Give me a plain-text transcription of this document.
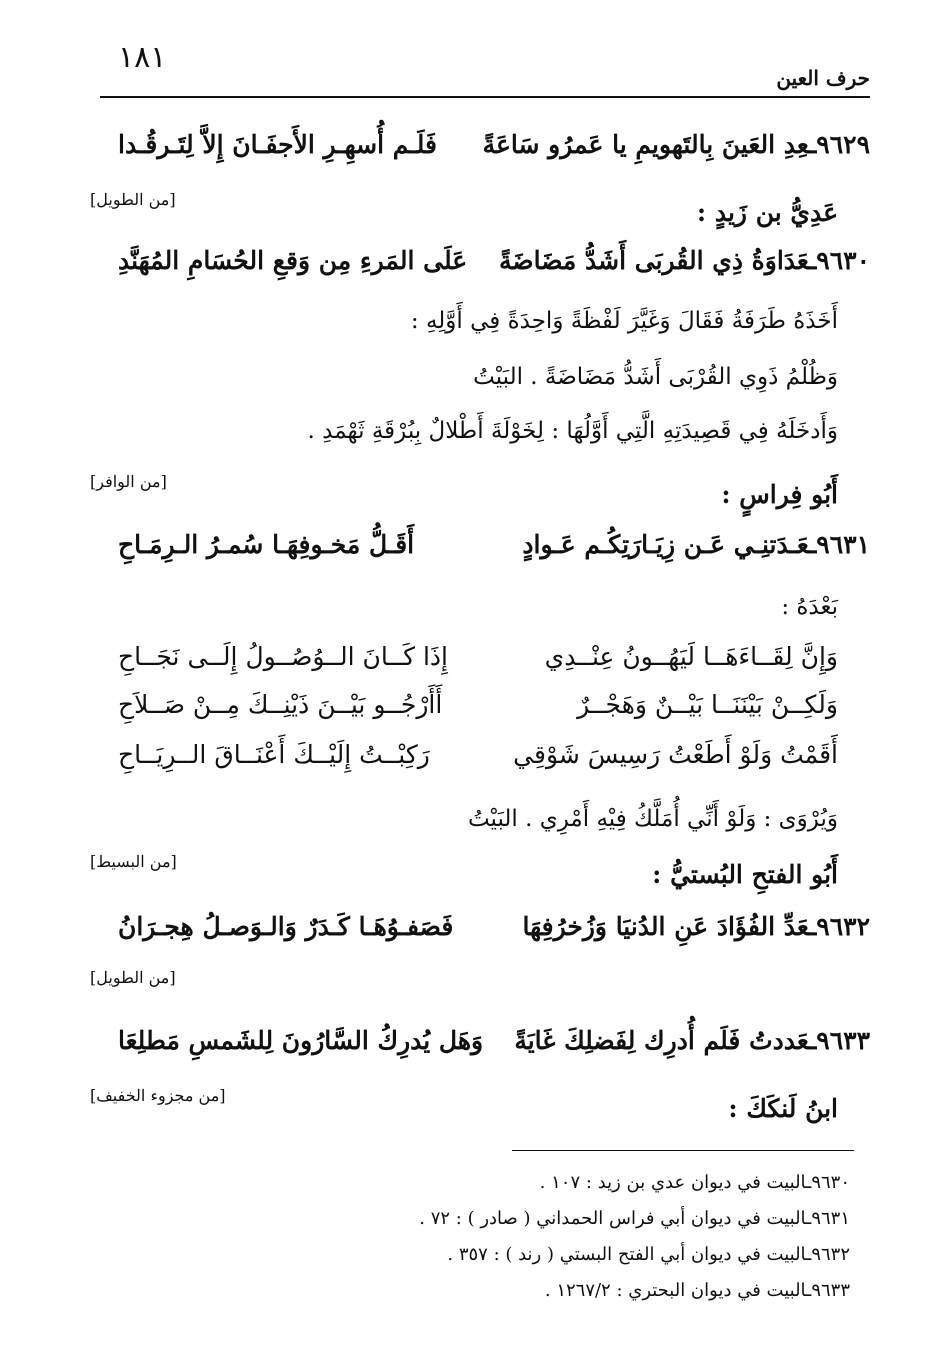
١٨١
حرف العين
٩٦٢٩ـعِدِ العَينَ بِالتَهويمِ يا عَمرُو سَاعَةً
فَلَـم أُسهِـرِ الأَجفَـانَ إِلاَّ لِتَـرقُـدا
[من الطويل]	عَدِيُّ بن زَيدٍ :
٩٦٣٠ـعَدَاوَةُ ذِي القُربَى أَشَدُّ مَضَاضَةً
عَلَى المَرءِ مِن وَقعِ الحُسَامِ المُهَنَّدِ
أَخَذَهُ طَرَفَةُ فَقَالَ وَغَيَّرَ لَفْظَةً وَاحِدَةً فِي أَوَّلِهِ :
وَظُلْمُ ذَوِي القُرْبَى أَشَدُّ مَضَاضَةً . البَيْتُ
وَأَدخَلَهُ فِي قَصِيدَتِهِ الَّتِي أَوَّلُهَا : لِخَوْلَةَ أَطْلالٌ بِبُرْقَةِ ثَهْمَدِ .
[من الوافر]	أَبُو فِراسٍ :
٩٦٣١ـعَـدَتنِـي عَـن زِيَـارَتِكُـم عَـوادٍ
أَقَـلُّ مَخـوفِهَـا سُمـرُ الـرِمَـاحِ
بَعْدَهُ :
وَإِنَّ لِقَــاءَهَــا لَيَهُــونُ عِنْــدِي
إِذَا كَــانَ الــوُصُــولُ إِلَــى نَجَــاحِ
وَلَكِــنْ بَيْنَنَــا بَيْــنٌ وَهَجْــرٌ
أَأَرْجُــو بَيْــنَ ذَيْنِــكَ مِــنْ صَــلاَحِ
أَقَمْتُ وَلَوْ أَطَعْتُ رَسِيسَ شَوْقِي
رَكِبْــتُ إِلَيْــكَ أَعْنَــاقَ الــرِيَــاحِ
وَيُرْوَى : وَلَوْ أَنِّي أُمَلَّكُ فِيْهِ أَمْرِي . البَيْتُ
[من البسيط]	أَبُو الفتحِ البُستيُّ :
٩٦٣٢ـعَدِّ الفُؤَادَ عَنِ الدُنيَا وَزُخرُفِهَا
فَصَفـوُهَـا كَـدَرٌ وَالـوَصـلُ هِجـرَانُ
[من الطويل]
٩٦٣٣ـعَددتُ فَلَم أُدرِك لِفَضلِكَ غَايَةً
وَهَل يُدرِكُ السَّارُونَ لِلشَمسِ مَطلِعَا
[من مجزوء الخفيف]	ابنُ لَنكَكَ :
٩٦٣٠ـالبيت في ديوان عدي بن زيد : ١٠٧ .
٩٦٣١ـالبيت في ديوان أبي فراس الحمداني ( صادر ) : ٧٢ .
٩٦٣٢ـالبيت في ديوان أبي الفتح البستي ( رند ) : ٣٥٧ .
٩٦٣٣ـالبيت في ديوان البحتري : ١٢٦٧/٢ .
